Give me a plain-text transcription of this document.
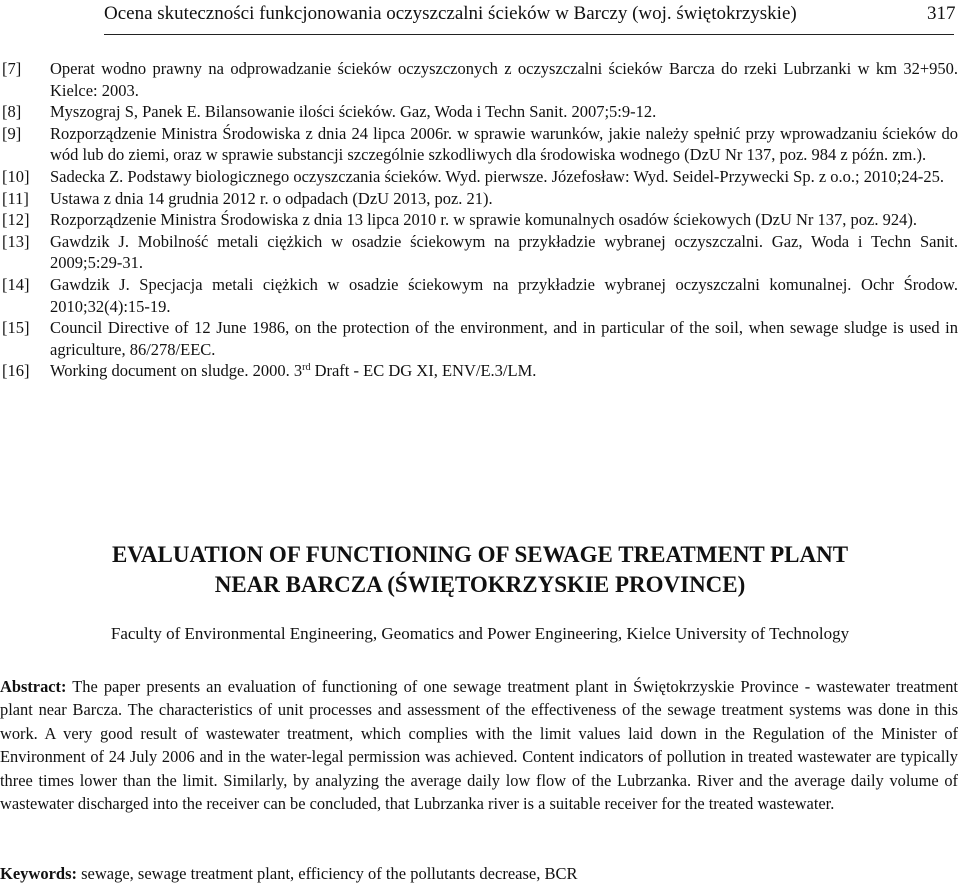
Ocena skuteczności funkcjonowania oczyszczalni ścieków w Barczy (woj. świętokrzyskie)	317
[7] Operat wodno prawny na odprowadzanie ścieków oczyszczonych z oczyszczalni ścieków Barcza do rzeki Lubrzanki w km 32+950. Kielce: 2003.
[8] Myszograj S, Panek E. Bilansowanie ilości ścieków. Gaz, Woda i Techn Sanit. 2007;5:9-12.
[9] Rozporządzenie Ministra Środowiska z dnia 24 lipca 2006r. w sprawie warunków, jakie należy spełnić przy wprowadzaniu ścieków do wód lub do ziemi, oraz w sprawie substancji szczególnie szkodliwych dla środowiska wodnego (DzU Nr 137, poz. 984 z późn. zm.).
[10] Sadecka Z. Podstawy biologicznego oczyszczania ścieków. Wyd. pierwsze. Józefosław: Wyd. Seidel-Przywecki Sp. z o.o.; 2010;24-25.
[11] Ustawa z dnia 14 grudnia 2012 r. o odpadach (DzU 2013, poz. 21).
[12] Rozporządzenie Ministra Środowiska z dnia 13 lipca 2010 r. w sprawie komunalnych osadów ściekowych (DzU Nr 137, poz. 924).
[13] Gawdzik J. Mobilność metali ciężkich w osadzie ściekowym na przykładzie wybranej oczyszczalni. Gaz, Woda i Techn Sanit. 2009;5:29-31.
[14] Gawdzik J. Specjacja metali ciężkich w osadzie ściekowym na przykładzie wybranej oczyszczalni komunalnej. Ochr Środow. 2010;32(4):15-19.
[15] Council Directive of 12 June 1986, on the protection of the environment, and in particular of the soil, when sewage sludge is used in agriculture, 86/278/EEC.
[16] Working document on sludge. 2000. 3rd Draft - EC DG XI, ENV/E.3/LM.
EVALUATION OF FUNCTIONING OF SEWAGE TREATMENT PLANT
NEAR BARCZA (ŚWIĘTOKRZYSKIE PROVINCE)
Faculty of Environmental Engineering, Geomatics and Power Engineering, Kielce University of Technology

Abstract: The paper presents an evaluation of functioning of one sewage treatment plant in Świętokrzyskie Province - wastewater treatment plant near Barcza. The characteristics of unit processes and assessment of the effectiveness of the sewage treatment systems was done in this work. A very good result of wastewater treatment, which complies with the limit values laid down in the Regulation of the Minister of Environment of 24 July 2006 and in the water-legal permission was achieved. Content indicators of pollution in treated wastewater are typically three times lower than the limit. Similarly, by analyzing the average daily low flow of the Lubrzanka. River and the average daily volume of wastewater discharged into the receiver can be concluded, that Lubrzanka river is a suitable receiver for the treated wastewater.

Keywords: sewage, sewage treatment plant, efficiency of the pollutants decrease, BCR
